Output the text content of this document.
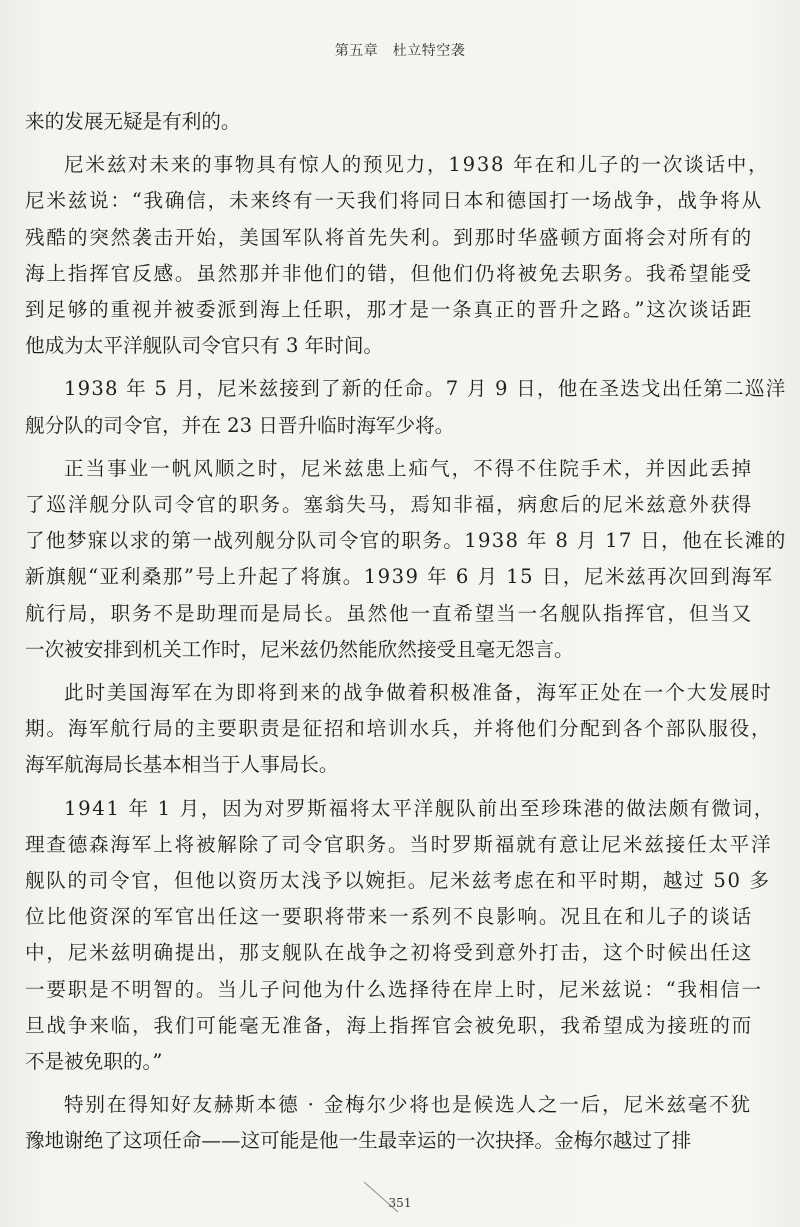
第五章　杜立特空袭
来的发展无疑是有利的。
尼米兹对未来的事物具有惊人的预见力，1938 年在和儿子的一次谈话中，
尼米兹说：“我确信，未来终有一天我们将同日本和德国打一场战争，战争将从
残酷的突然袭击开始，美国军队将首先失利。到那时华盛顿方面将会对所有的
海上指挥官反感。虽然那并非他们的错，但他们仍将被免去职务。我希望能受
到足够的重视并被委派到海上任职，那才是一条真正的晋升之路。”这次谈话距
他成为太平洋舰队司令官只有 3 年时间。
1938 年 5 月，尼米兹接到了新的任命。7 月 9 日，他在圣迭戈出任第二巡洋
舰分队的司令官，并在 23 日晋升临时海军少将。
正当事业一帆风顺之时，尼米兹患上疝气，不得不住院手术，并因此丢掉
了巡洋舰分队司令官的职务。塞翁失马，焉知非福，病愈后的尼米兹意外获得
了他梦寐以求的第一战列舰分队司令官的职务。1938 年 8 月 17 日，他在长滩的
新旗舰“亚利桑那”号上升起了将旗。1939 年 6 月 15 日，尼米兹再次回到海军
航行局，职务不是助理而是局长。虽然他一直希望当一名舰队指挥官，但当又
一次被安排到机关工作时，尼米兹仍然能欣然接受且毫无怨言。
此时美国海军在为即将到来的战争做着积极准备，海军正处在一个大发展时
期。海军航行局的主要职责是征招和培训水兵，并将他们分配到各个部队服役，
海军航海局长基本相当于人事局长。
1941 年 1 月，因为对罗斯福将太平洋舰队前出至珍珠港的做法颇有微词，
理查德森海军上将被解除了司令官职务。当时罗斯福就有意让尼米兹接任太平洋
舰队的司令官，但他以资历太浅予以婉拒。尼米兹考虑在和平时期，越过 50 多
位比他资深的军官出任这一要职将带来一系列不良影响。况且在和儿子的谈话
中，尼米兹明确提出，那支舰队在战争之初将受到意外打击，这个时候出任这
一要职是不明智的。当儿子问他为什么选择待在岸上时，尼米兹说：“我相信一
旦战争来临，我们可能毫无准备，海上指挥官会被免职，我希望成为接班的而
不是被免职的。”
特别在得知好友赫斯本德 · 金梅尔少将也是候选人之一后，尼米兹毫不犹
豫地谢绝了这项任命——这可能是他一生最幸运的一次抉择。金梅尔越过了排
351
